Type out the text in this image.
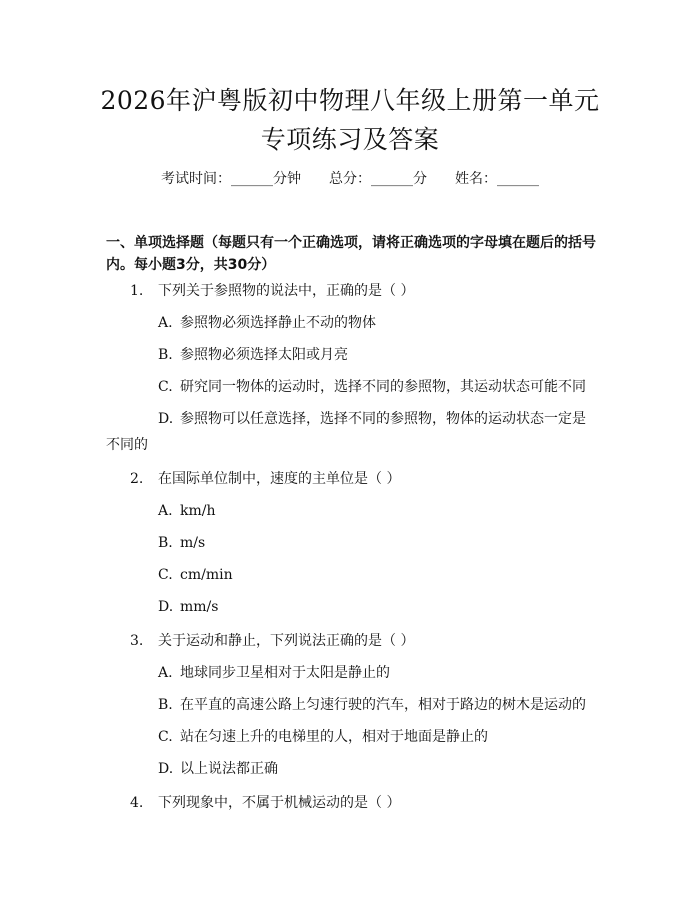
2026年沪粤版初中物理八年级上册第一单元
专项练习及答案
考试时间：______分钟 总分：______分 姓名：______
一、单项选择题（每题只有一个正确选项，请将正确选项的字母填在题后的括号内。每小题3分，共30分）
1. 下列关于参照物的说法中，正确的是（ ）
A. 参照物必须选择静止不动的物体
B. 参照物必须选择太阳或月亮
C. 研究同一物体的运动时，选择不同的参照物，其运动状态可能不同
D. 参照物可以任意选择，选择不同的参照物，物体的运动状态一定是不同的
2. 在国际单位制中，速度的主单位是（ ）
A. km/h
B. m/s
C. cm/min
D. mm/s
3. 关于运动和静止，下列说法正确的是（ ）
A. 地球同步卫星相对于太阳是静止的
B. 在平直的高速公路上匀速行驶的汽车，相对于路边的树木是运动的
C. 站在匀速上升的电梯里的人，相对于地面是静止的
D. 以上说法都正确
4. 下列现象中，不属于机械运动的是（ ）
